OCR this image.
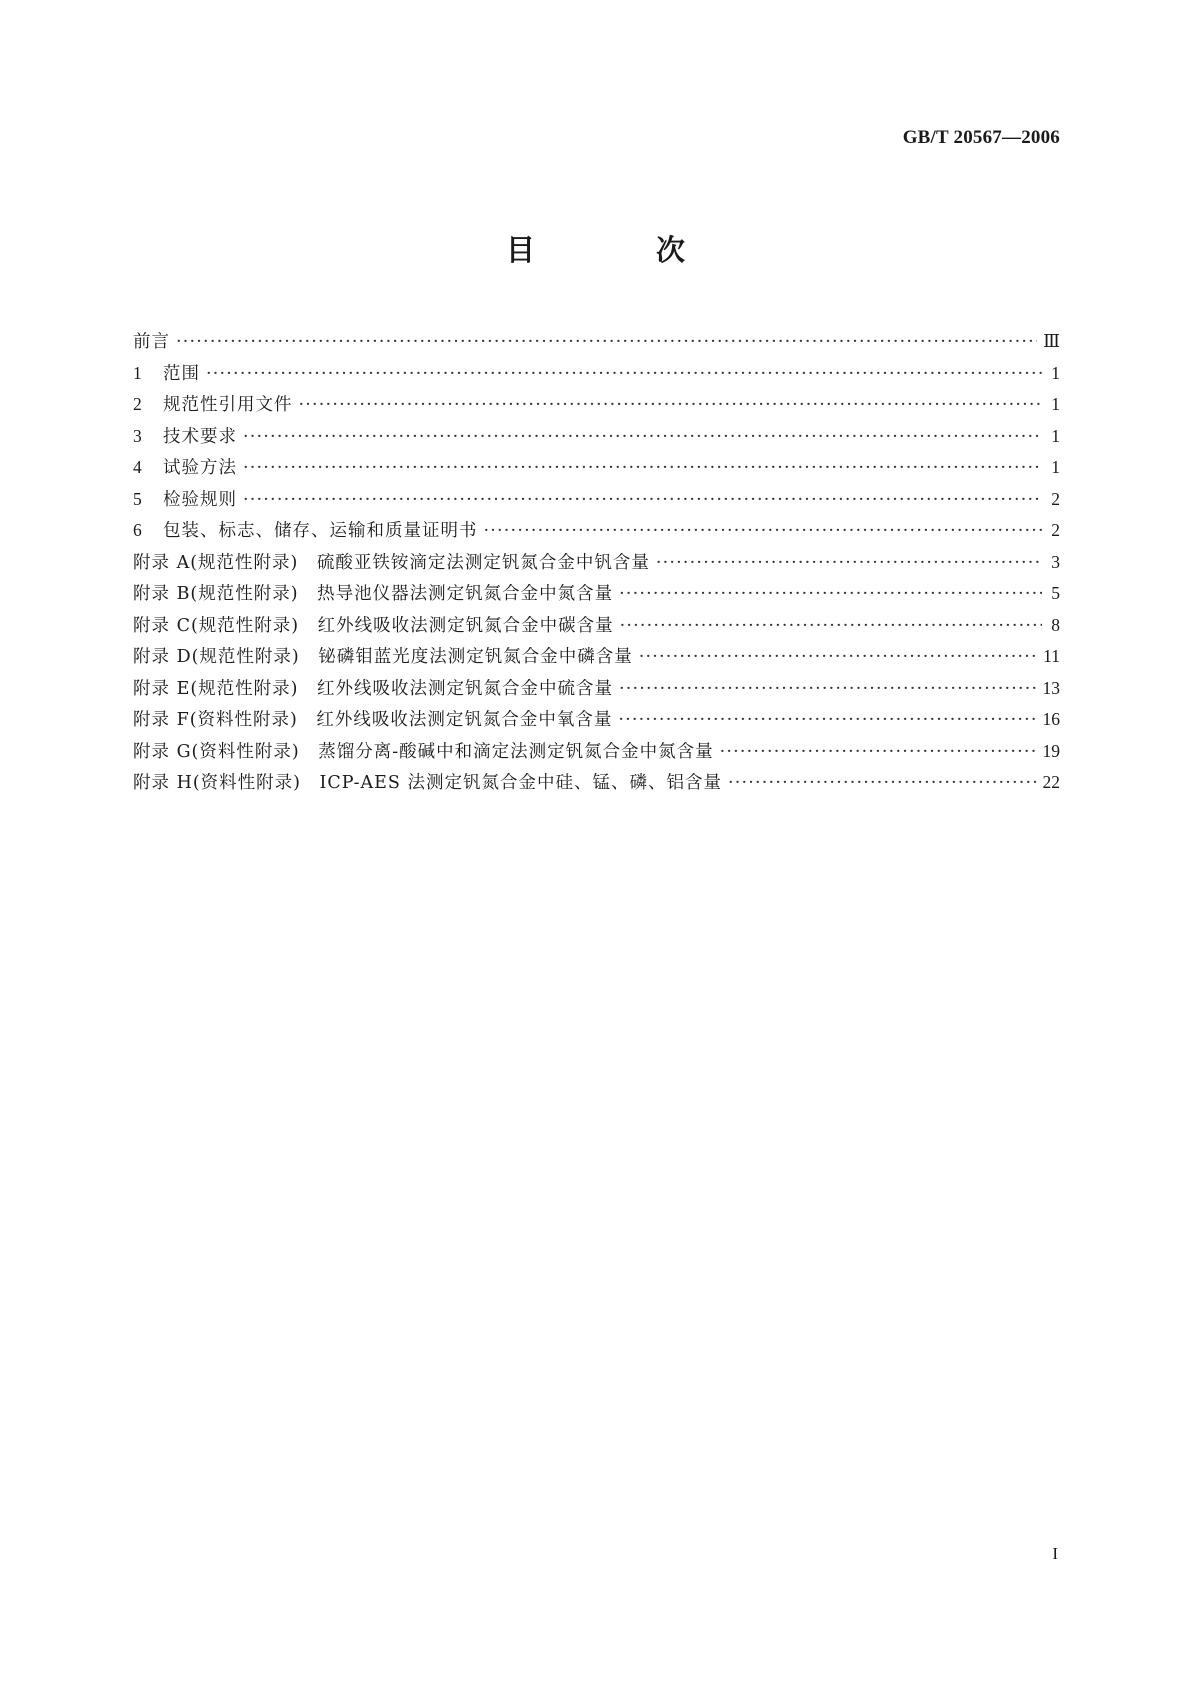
GB/T 20567—2006
目　次
前言 ·····	Ⅲ
1 范围 ·····	1
2 规范性引用文件 ·····	1
3 技术要求 ·····	1
4 试验方法 ·····	1
5 检验规则 ·····	2
6 包装、标志、储存、运输和质量证明书 ·····	2
附录 A(规范性附录)　硫酸亚铁铵滴定法测定钒氮合金中钒含量 ·····	3
附录 B(规范性附录)　热导池仪器法测定钒氮合金中氮含量 ·····	5
附录 C(规范性附录)　红外线吸收法测定钒氮合金中碳含量 ·····	8
附录 D(规范性附录)　铋磷钼蓝光度法测定钒氮合金中磷含量 ·····	11
附录 E(规范性附录)　红外线吸收法测定钒氮合金中硫含量 ·····	13
附录 F(资料性附录)　红外线吸收法测定钒氮合金中氧含量 ·····	16
附录 G(资料性附录)　蒸馏分离-酸碱中和滴定法测定钒氮合金中氮含量 ·····	19
附录 H(资料性附录)　ICP-AES 法测定钒氮合金中硅、锰、磷、铝含量 ·····	22
I
